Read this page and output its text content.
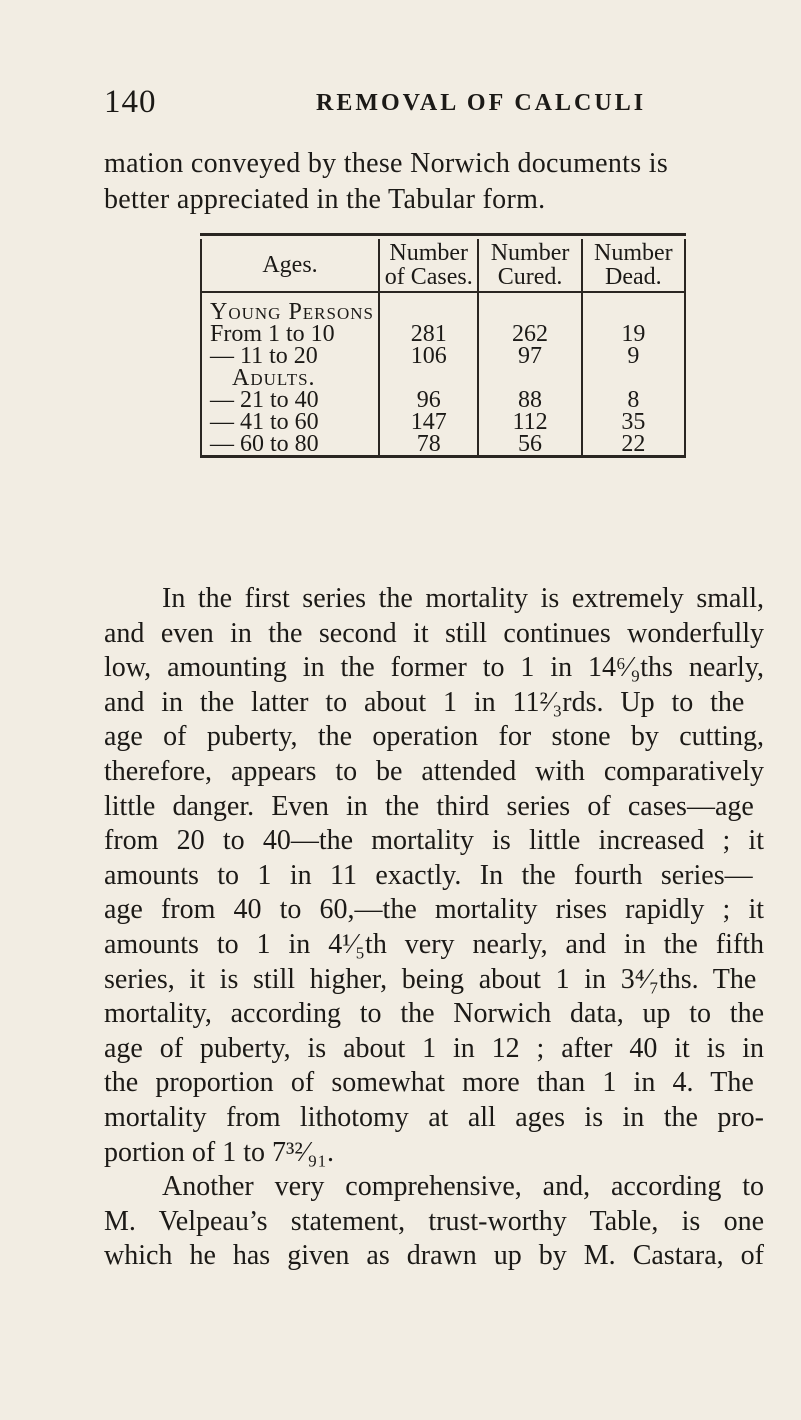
140	REMOVAL OF CALCULI
mation conveyed by these Norwich documents is
better appreciated in the Tabular form.
Ages.	Number of Cases.	Number Cured.	Number Dead.

Young Persons			
From 1 to 10	281	262	19
— 11 to 20	106	97	9
Adults.			
— 21 to 40	96	88	8
— 41 to 60	147	112	35
— 60 to 80	78	56	22
In the first series the mortality is extremely small,
and even in the second it still continues wonderfully
low, amounting in the former to 1 in 14⁶⁄₉ths nearly,
and in the latter to about 1 in 11²⁄₃rds. Up to the
age of puberty, the operation for stone by cutting,
therefore, appears to be attended with comparatively
little danger. Even in the third series of cases—age
from 20 to 40—the mortality is little increased ; it
amounts to 1 in 11 exactly. In the fourth series—
age from 40 to 60,—the mortality rises rapidly ; it
amounts to 1 in 4¹⁄₅th very nearly, and in the fifth
series, it is still higher, being about 1 in 3⁴⁄₇ths. The
mortality, according to the Norwich data, up to the
age of puberty, is about 1 in 12 ; after 40 it is in
the proportion of somewhat more than 1 in 4. The
mortality from lithotomy at all ages is in the pro-
portion of 1 to 7³²⁄₉₁.
Another very comprehensive, and, according to
M. Velpeau’s statement, trust-worthy Table, is one
which he has given as drawn up by M. Castara, of
